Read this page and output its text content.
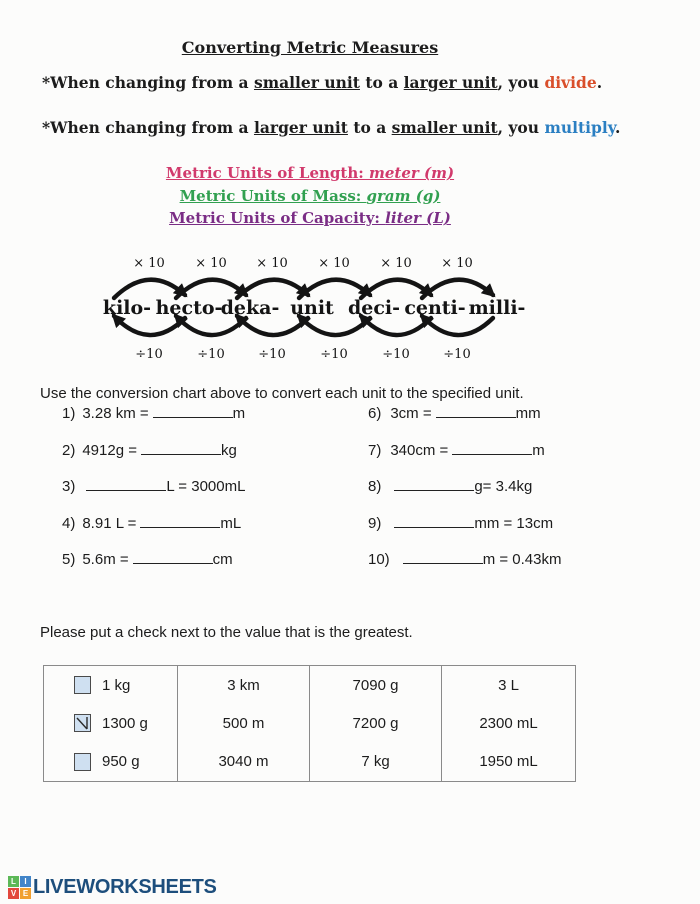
Converting Metric Measures
*When changing from a smaller unit to a larger unit, you divide.
*When changing from a larger unit to a smaller unit, you multiply.
Metric Units of Length: meter (m)
Metric Units of Mass: gram (g)
Metric Units of Capacity: liter (L)
× 10 × 10 × 10 × 10 × 10 × 10
kilo- hecto-
deka- unit deci- centi- milli-
÷10	÷10	÷10	÷10	÷10	÷10
Use the conversion chart above to convert each unit to the specified unit.
1) 3.28 km =	m
2) 4912g =	kg
3)	L = 3000mL
4) 8.91 L =	mL
5) 5.6m =	cm
6) 3cm =	mm
7) 340cm =	m
8)	g= 3.4kg
9)	mm = 13cm
10)	m = 0.43km
Please put a check next to the value that is the greatest.
1 kg	3 km	7090 g	3 L
1300 g	500 m	7200 g	2300 mL
950 g	3040 m	7 kg	1950 mL
L	I
V E LIVEWORKSHEETS
